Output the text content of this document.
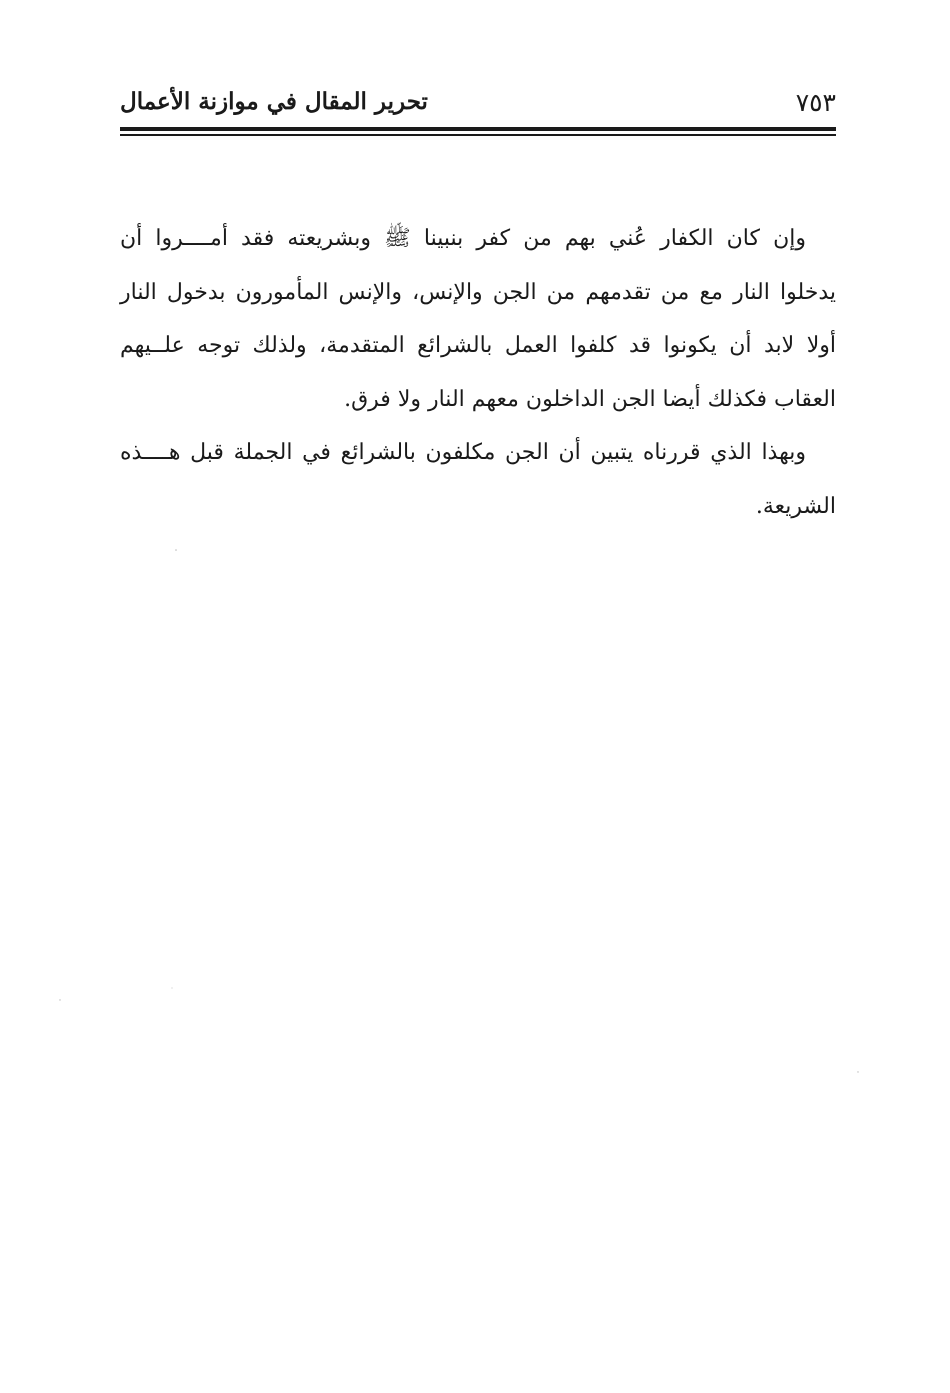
٧٥٣
تحرير المقال في موازنة الأعمال
وإن كان الكفار عُني بهم من كفر بنبينا ﷺ وبشريعته فقد أمــــروا أن
يدخلوا النار مع من تقدمهم من الجن والإنس، والإنس المأمورون بدخول النار
أولا لابد أن يكونوا قد كلفوا العمل بالشرائع المتقدمة، ولذلك توجه علــيهم
العقاب فكذلك أيضا الجن الداخلون معهم النار ولا فرق.
وبهذا الذي قررناه يتبين أن الجن مكلفون بالشرائع في الجملة قبل هــــذه
الشريعة.
